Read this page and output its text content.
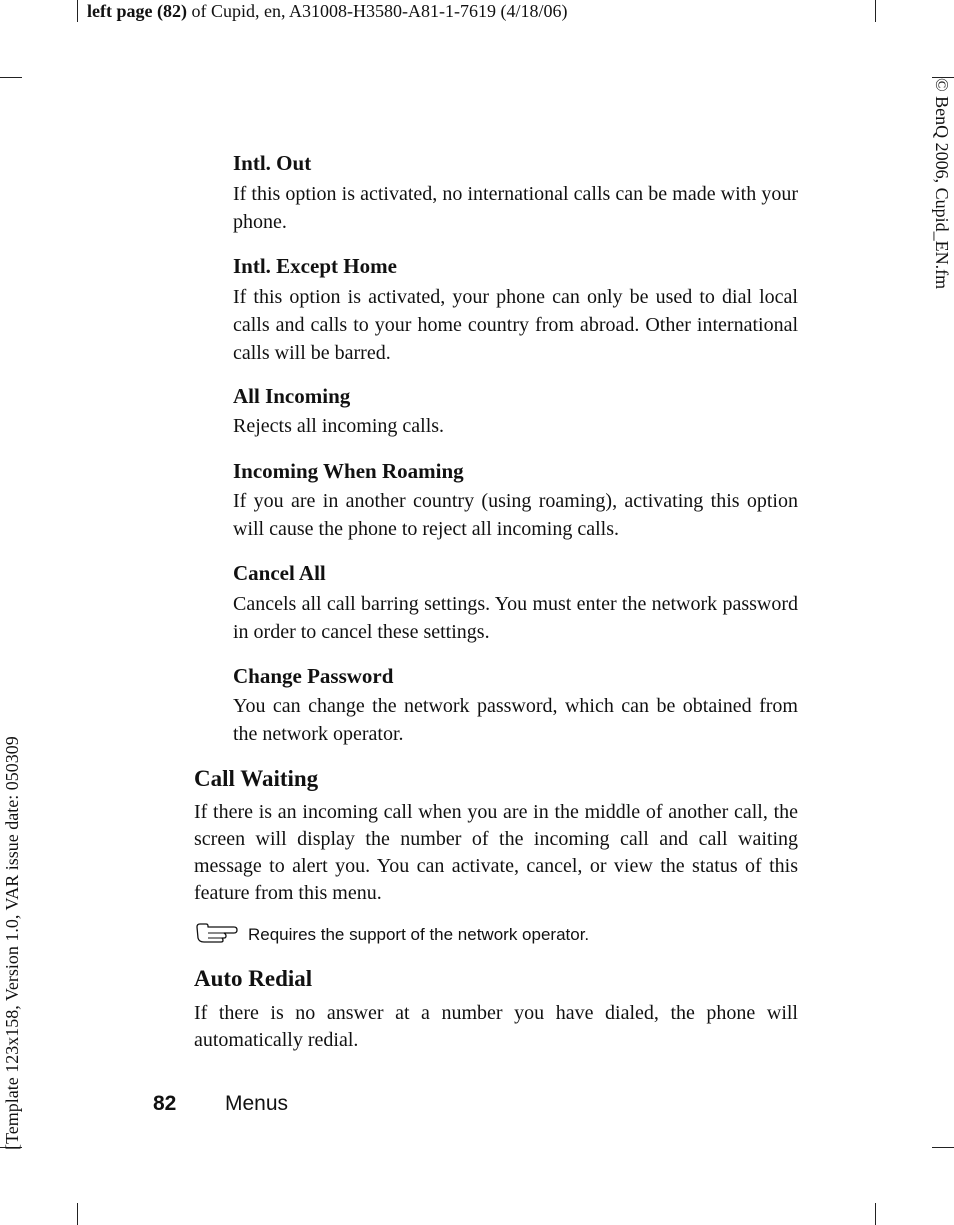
left page (82) of Cupid, en, A31008-H3580-A81-1-7619 (4/18/06)
[Template 123x158, Version 1.0, VAR issue date: 050309
© BenQ 2006, Cupid_EN.fm
Intl. Out

If this option is activated, no international calls can be made with your phone.

Intl. Except Home

If this option is activated, your phone can only be used to dial local calls and calls to your home country from abroad. Other international calls will be barred.

All Incoming

Rejects all incoming calls.

Incoming When Roaming

If you are in another country (using roaming), activating this option will cause the phone to reject all incoming calls.

Cancel All

Cancels all call barring settings. You must enter the network password in order to cancel these settings.

Change Password

You can change the network password, which can be obtained from the network operator.

Call Waiting

If there is an incoming call when you are in the middle of another call, the screen will display the number of the incoming call and call waiting message to alert you. You can activate, cancel, or view the status of this feature from this menu.

Requires the support of the network operator.
Auto Redial

If there is no answer at a number you have dialed, the phone will automatically redial.

82 Menus
